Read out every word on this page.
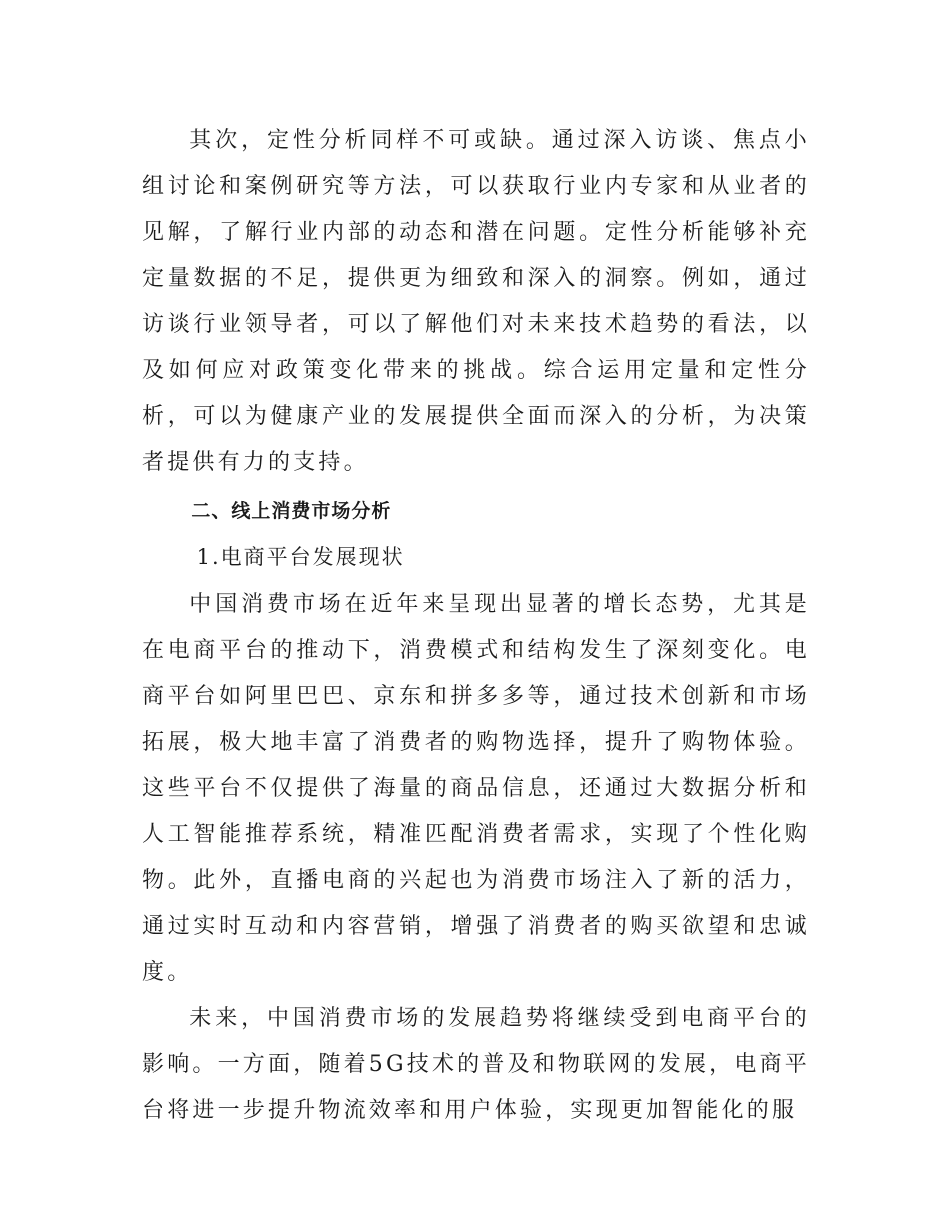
其次，定性分析同样不可或缺。通过深入访谈、焦点小组讨论和案例研究等方法，可以获取行业内专家和从业者的见解，了解行业内部的动态和潜在问题。定性分析能够补充定量数据的不足，提供更为细致和深入的洞察。例如，通过访谈行业领导者，可以了解他们对未来技术趋势的看法，以及如何应对政策变化带来的挑战。综合运用定量和定性分析，可以为健康产业的发展提供全面而深入的分析，为决策者提供有力的支持。

二、线上消费市场分析

1.电商平台发展现状

中国消费市场在近年来呈现出显著的增长态势，尤其是在电商平台的推动下，消费模式和结构发生了深刻变化。电商平台如阿里巴巴、京东和拼多多等，通过技术创新和市场拓展，极大地丰富了消费者的购物选择，提升了购物体验。这些平台不仅提供了海量的商品信息，还通过大数据分析和人工智能推荐系统，精准匹配消费者需求，实现了个性化购物。此外，直播电商的兴起也为消费市场注入了新的活力，通过实时互动和内容营销，增强了消费者的购买欲望和忠诚度。

未来，中国消费市场的发展趋势将继续受到电商平台的影响。一方面，随着5G技术的普及和物联网的发展，电商平台将进一步提升物流效率和用户体验，实现更加智能化的服
